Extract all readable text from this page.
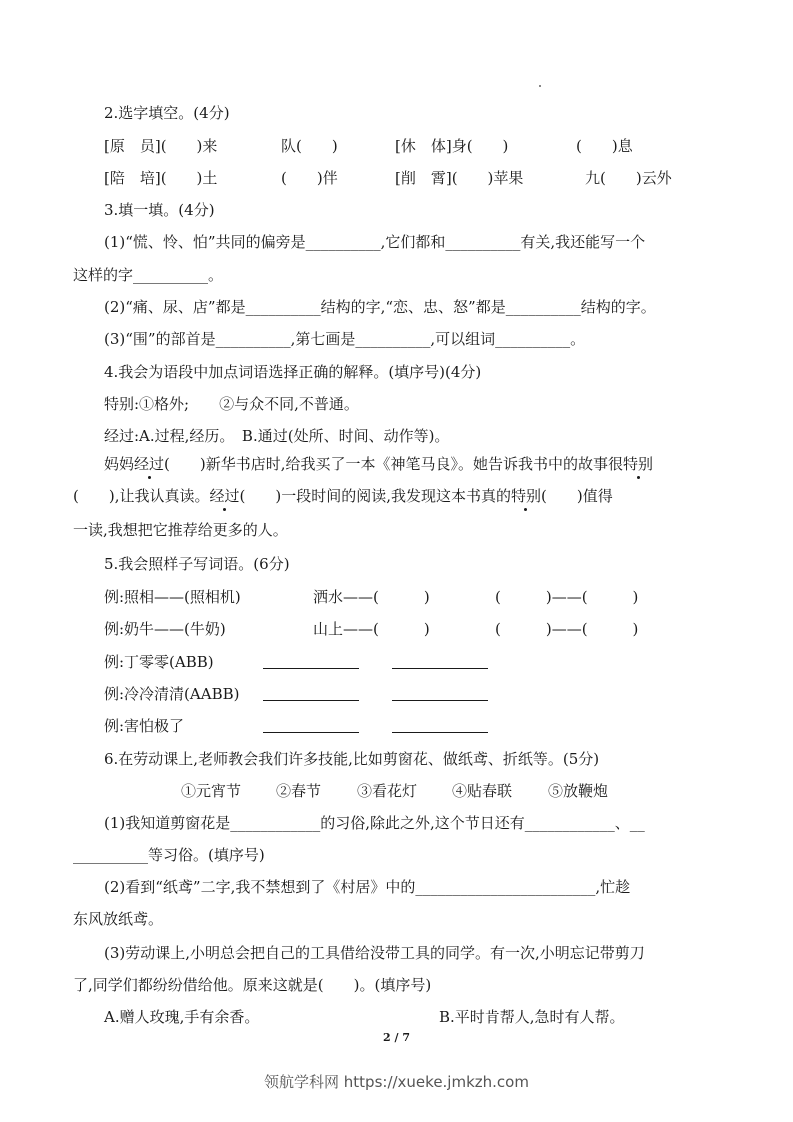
2.选字填空。(4分)
[原　员](　　)来	队(　　)	[休　体]身(　　)	(　　)息
[陪　培](　　)土	(　　)伴	[削　霄](　　)苹果	九(　　)云外
3.填一填。(4分)
(1)“慌、怜、怕”共同的偏旁是__________,它们都和__________有关,我还能写一个
这样的字__________。
(2)“痛、尿、店”都是__________结构的字,“恋、忠、怒”都是__________结构的字。
(3)“围”的部首是__________,第七画是__________,可以组词__________。
4.我会为语段中加点词语选择正确的解释。(填序号)(4分)
特别:①格外;　　②与众不同,不普通。
经过:A.过程,经历。　B.通过(处所、时间、动作等)。
妈妈经过(　　)新华书店时,给我买了一本《神笔马良》。她告诉我书中的故事很特别
(　　),让我认真读。经过(　　)一段时间的阅读,我发现这本书真的特别(　　)值得
一读,我想把它推荐给更多的人。
5.我会照样子写词语。(6分)
例:照相——(照相机)	洒水——(　　　)	(　　　)——(　　　)
例:奶牛——(牛奶)	山上——(　　　)	(　　　)——(　　　)
例:丁零零(ABB)
例:冷冷清清(AABB)
例:害怕极了
6.在劳动课上,老师教会我们许多技能,比如剪窗花、做纸鸢、折纸等。(5分)
①元宵节 ②春节 ③看花灯 ④贴春联 ⑤放鞭炮
(1)我知道剪窗花是____________的习俗,除此之外,这个节日还有____________、__
__________等习俗。(填序号)
(2)看到“纸鸢”二字,我不禁想到了《村居》中的________________________,忙趁
东风放纸鸢。
(3)劳动课上,小明总会把自己的工具借给没带工具的同学。有一次,小明忘记带剪刀
了,同学们都纷纷借给他。原来这就是(　　)。(填序号)
A.赠人玫瑰,手有余香。	B.平时肯帮人,急时有人帮。
2 / 7
领航学科网 https://xueke.jmkzh.com
